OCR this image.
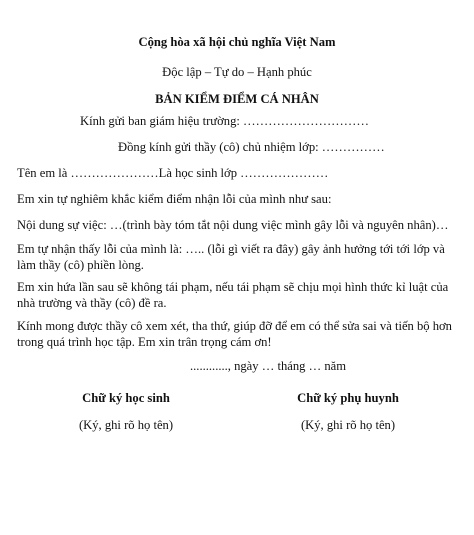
Cộng hòa xã hội chủ nghĩa Việt Nam
Độc lập – Tự do – Hạnh phúc
BẢN KIỂM ĐIỂM CÁ NHÂN
Kính gửi ban giám hiệu trường: …………………………
Đồng kính gửi thầy (cô) chủ nhiệm lớp: ……………
Tên em là …………………Là học sinh lớp …………………
Em xin tự nghiêm khắc kiểm điểm nhận lỗi của mình như sau:
Nội dung sự việc: …(trình bày tóm tắt nội dung việc mình gây lỗi và nguyên nhân)…
Em tự nhận thấy lỗi của mình là: ….. (lỗi gì viết ra đây) gây ảnh hưởng tới tới lớp và làm thầy (cô) phiền lòng.
Em xin hứa lần sau sẽ không tái phạm, nếu tái phạm sẽ chịu mọi hình thức kỉ luật của nhà trường và thầy (cô) đề ra.
Kính mong được thầy cô xem xét, tha thứ, giúp đỡ để em có thể sửa sai và tiến bộ hơn trong quá trình học tập. Em xin trân trọng cám ơn!
............, ngày … tháng … năm
Chữ ký học sinh
(Ký, ghi rõ họ tên)
Chữ ký phụ huynh
(Ký, ghi rõ họ tên)
